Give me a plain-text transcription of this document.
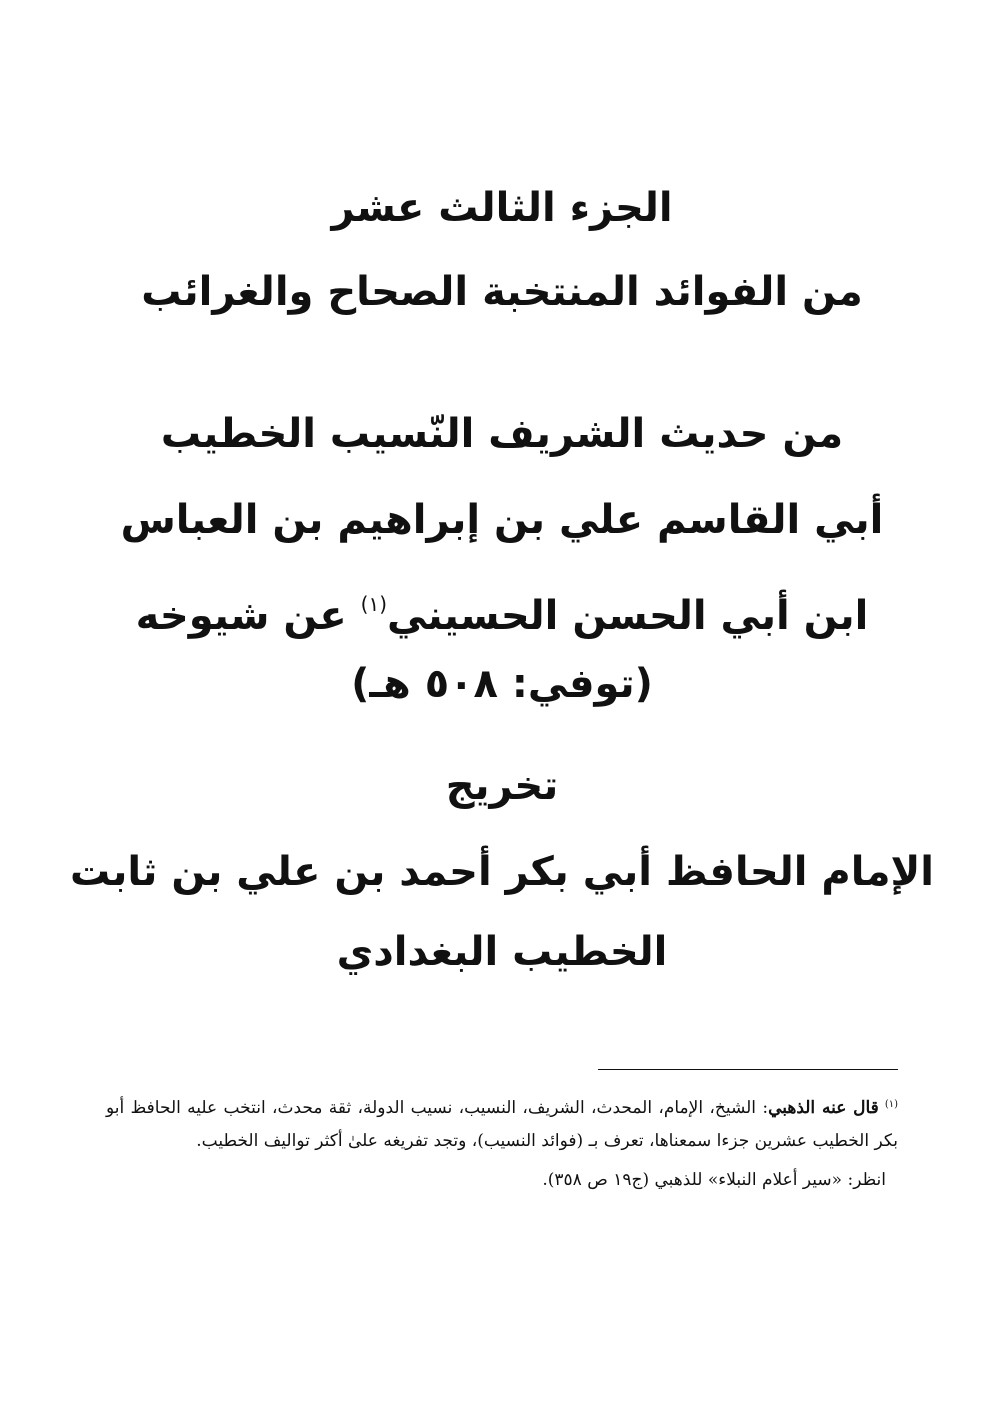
الجزء الثالث عشر
من الفوائد المنتخبة الصحاح والغرائب
من حديث الشريف النّسيب الخطيب
أبي القاسم علي بن إبراهيم بن العباس
ابن أبي الحسن الحسيني$^{(١)}$ عن شيوخه
(توفي: ٥٠٨ هـ)
تخريج
الإمام الحافظ أبي بكر أحمد بن علي بن ثابت
الخطيب البغدادي

$^{(١)}$قال عنه الذهبي: الشيخ، الإمام، المحدث، الشريف، النسيب، نسيب الدولة، ثقة محدث، انتخب عليه الحافظ أبو بكر الخطيب عشرين جزءا سمعناها، تعرف بـ (فوائد النسيب)، وتجد تفريغه علىٰ أكثر تواليف الخطيب.

انظر: «سير أعلام النبلاء» للذهبي (ج١٩ ص ٣٥٨).
